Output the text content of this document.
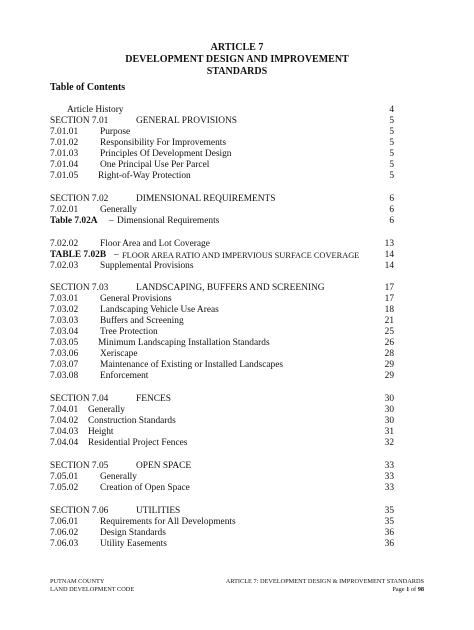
ARTICLE 7
DEVELOPMENT DESIGN AND IMPROVEMENT
STANDARDS
Table of Contents
Article History	4
SECTION 7.01	GENERAL PROVISIONS	5
7.01.01 Purpose	5
7.01.02 Responsibility For Improvements	5
7.01.03 Principles Of Development Design	5
7.01.04 One Principal Use Per Parcel	5
7.01.05 Right-of-Way Protection	5
SECTION 7.02	DIMENSIONAL REQUIREMENTS	6
7.02.01 Generally	6
Table 7.02A – Dimensional Requirements	6
7.02.02 Floor Area and Lot Coverage	13
TABLE 7.02B – FLOOR AREA RATIO AND IMPERVIOUS SURFACE COVERAGE	14
7.02.03 Supplemental Provisions	14
SECTION 7.03	LANDSCAPING, BUFFERS AND SCREENING	17
7.03.01 General Provisions	17
7.03.02 Landscaping Vehicle Use Areas	18
7.03.03 Buffers and Screening	21
7.03.04 Tree Protection	25
7.03.05 Minimum Landscaping Installation Standards	26
7.03.06 Xeriscape	28
7.03.07 Maintenance of Existing or Installed Landscapes	29
7.03.08 Enforcement	29
SECTION 7.04	FENCES	30
7.04.01 Generally	30
7.04.02 Construction Standards	30
7.04.03 Height	31
7.04.04 Residential Project Fences	32
SECTION 7.05	OPEN SPACE	33
7.05.01 Generally	33
7.05.02 Creation of Open Space	33
SECTION 7.06	UTILITIES	35
7.06.01 Requirements for All Developments	35
7.06.02 Design Standards	36
7.06.03 Utility Easements	36
PUTNAM COUNTY
LAND DEVELOPMENT CODE
ARTICLE 7: DEVELOPMENT DESIGN & IMPROVEMENT STANDARDS
Page 1 of 98
